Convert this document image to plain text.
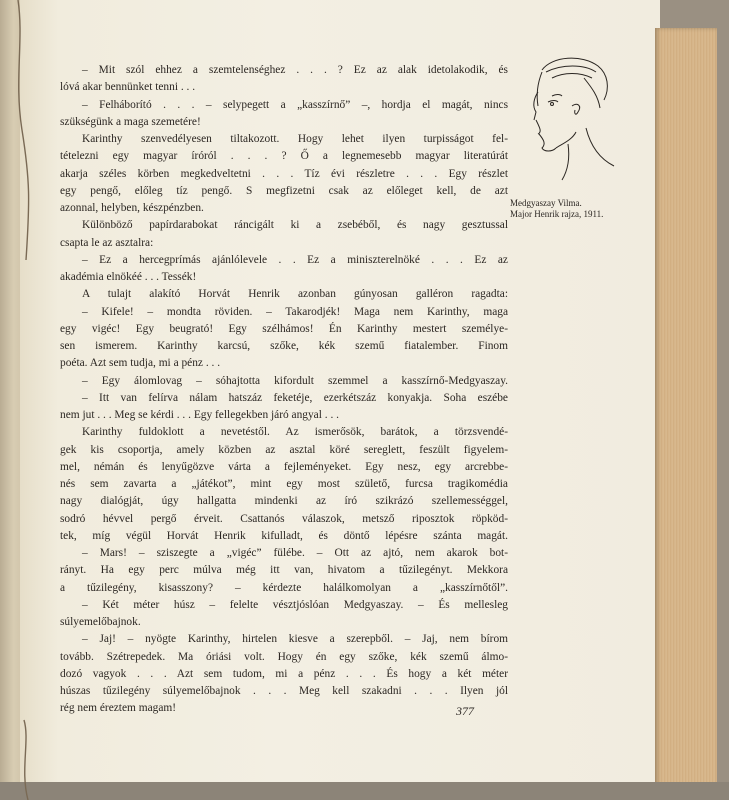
Medgyaszay Vilma.
Major Henrik rajza, 1911.
– Mit szól ehhez a szemtelenséghez . . . ? Ez az alak idetolakodik, és
lóvá akar bennünket tenni . . .
– Felháborító . . . – selypegett a „kasszírnő” –, hordja el magát, nincs
szükségünk a maga szemetére!
Karinthy szenvedélyesen tiltakozott. Hogy lehet ilyen turpisságot fel-
tételezni egy magyar íróról . . . ? Ő a legnemesebb magyar literatúrát
akarja széles körben megkedveltetni . . . Tíz évi részletre . . . Egy részlet
egy pengő, előleg tíz pengő. S megfizetni csak az előleget kell, de azt
azonnal, helyben, készpénzben.
Különböző papírdarabokat ráncigált ki a zsebéből, és nagy gesztussal
csapta le az asztalra:
– Ez a hercegprímás ajánlólevele . . Ez a miniszterelnöké . . . Ez az
akadémia elnökéé . . . Tessék!
A tulajt alakító Horvát Henrik azonban gúnyosan galléron ragadta:
– Kifele! – mondta röviden. – Takarodjék! Maga nem Karinthy, maga
egy vigéc! Egy beugrató! Egy szélhámos! Én Karinthy mestert személye-
sen ismerem. Karinthy karcsú, szőke, kék szemű fiatalember. Finom
poéta. Azt sem tudja, mi a pénz . . .
– Egy álomlovag – sóhajtotta kifordult szemmel a kasszírnő-Medgyaszay.
– Itt van felírva nálam hatszáz feketéje, ezerkétszáz konyakja. Soha eszébe
nem jut . . . Meg se kérdi . . . Egy fellegekben járó angyal . . .
Karinthy fuldoklott a nevetéstől. Az ismerősök, barátok, a törzsvendé-
gek kis csoportja, amely közben az asztal köré sereglett, feszült figyelem-
mel, némán és lenyűgözve várta a fejleményeket. Egy nesz, egy arcrebbe-
nés sem zavarta a „játékot”, mint egy most születő, furcsa tragikomédia
nagy dialógját, úgy hallgatta mindenki az író szikrázó szellemességgel,
sodró hévvel pergő érveit. Csattanós válaszok, metsző riposztok röpköd-
tek, míg végül Horvát Henrik kifulladt, és döntő lépésre szánta magát.
– Mars! – sziszegte a „vigéc” fülébe. – Ott az ajtó, nem akarok bot-
rányt. Ha egy perc múlva még itt van, hivatom a tűzilegényt. Mekkora
a tűzilegény, kisasszony? – kérdezte halálkomolyan a „kasszírnőtől”.
– Két méter húsz – felelte vésztjóslóan Medgyaszay. – És mellesleg
súlyemelőbajnok.
– Jaj! – nyögte Karinthy, hirtelen kiesve a szerepből. – Jaj, nem bírom
tovább. Szétrepedek. Ma óriási volt. Hogy én egy szőke, kék szemű álmo-
dozó vagyok . . . Azt sem tudom, mi a pénz . . . És hogy a két méter
húszas tűzilegény súlyemelőbajnok . . . Meg kell szakadni . . . Ilyen jól
rég nem éreztem magam!	377
